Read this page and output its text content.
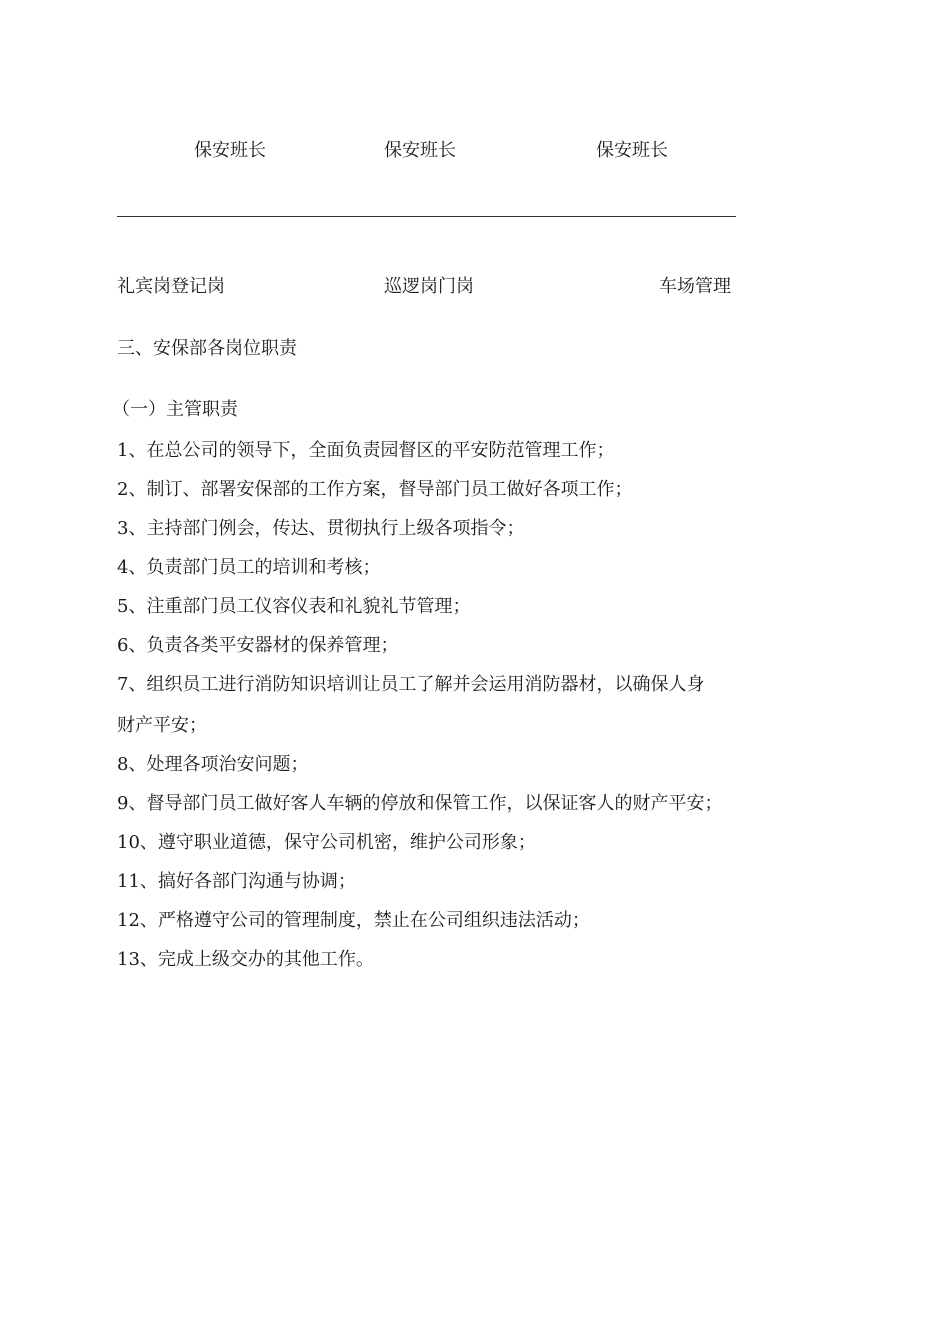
保安班长	保安班长	保安班长
礼宾岗登记岗	巡逻岗门岗	车场管理
三、安保部各岗位职责
（一）主管职责
1、在总公司的领导下，全面负责园督区的平安防范管理工作；
2、制订、部署安保部的工作方案，督导部门员工做好各项工作；
3、主持部门例会，传达、贯彻执行上级各项指令；
4、负责部门员工的培训和考核；
5、注重部门员工仪容仪表和礼貌礼节管理；
6、负责各类平安器材的保养管理；
7、组织员工进行消防知识培训让员工了解并会运用消防器材，以确保人身
财产平安；
8、处理各项治安问题；
9、督导部门员工做好客人车辆的停放和保管工作，以保证客人的财产平安；
10、遵守职业道德，保守公司机密，维护公司形象；
11、搞好各部门沟通与协调；
12、严格遵守公司的管理制度，禁止在公司组织违法活动；
13、完成上级交办的其他工作。
